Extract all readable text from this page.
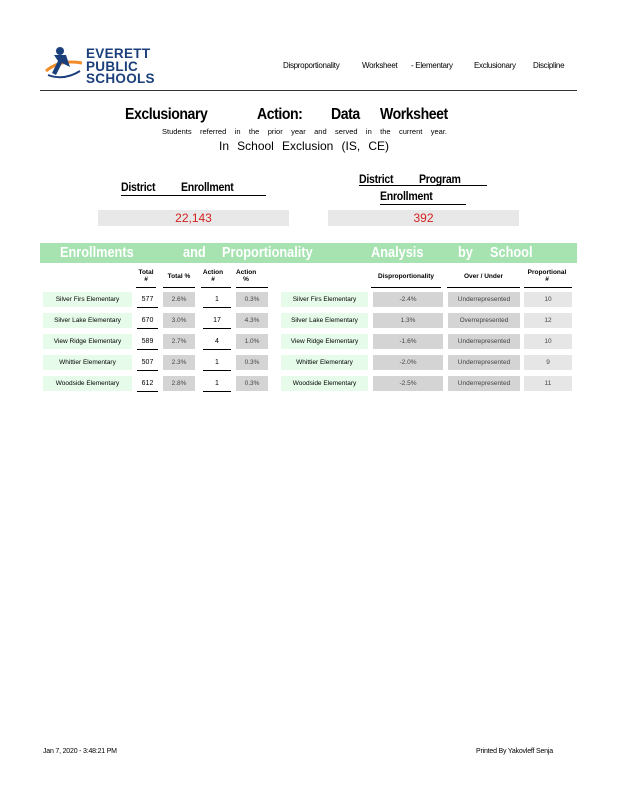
EVERETT
PUBLIC
SCHOOLS
Disproportionality	Worksheet - Elementary	Exclusionary Discipline
Exclusionary	Action: Data Worksheet
Students referred in the prior year and served in the current year.
In School Exclusion (IS, CE)
District Enrollment
22,143
District Program
Enrollment
392
Enrollments	and Proportionality	Analysis by School
Total
#	Total %
Action
#
Action
%	Disproportionality	Over / Under
Proportional
#
Silver Firs Elementary	577	2.6%	1	0.3%	Silver Firs Elementary	-2.4%	Underrepresented	10
Silver Lake Elementary	670	3.0%	17	4.3%	Silver Lake Elementary	1.3%	Overrepresented	12
View Ridge Elementary	589	2.7%	4	1.0%	View Ridge Elementary	-1.6%	Underrepresented	10
Whittier Elementary	507	2.3%	1	0.3%	Whittier Elementary	-2.0%	Underrepresented	9
Woodside Elementary	612	2.8%	1	0.3%	Woodside Elementary	-2.5%	Underrepresented	11
Jan 7, 2020 - 3:48:21 PM	Printed By Yakovleff Senja
